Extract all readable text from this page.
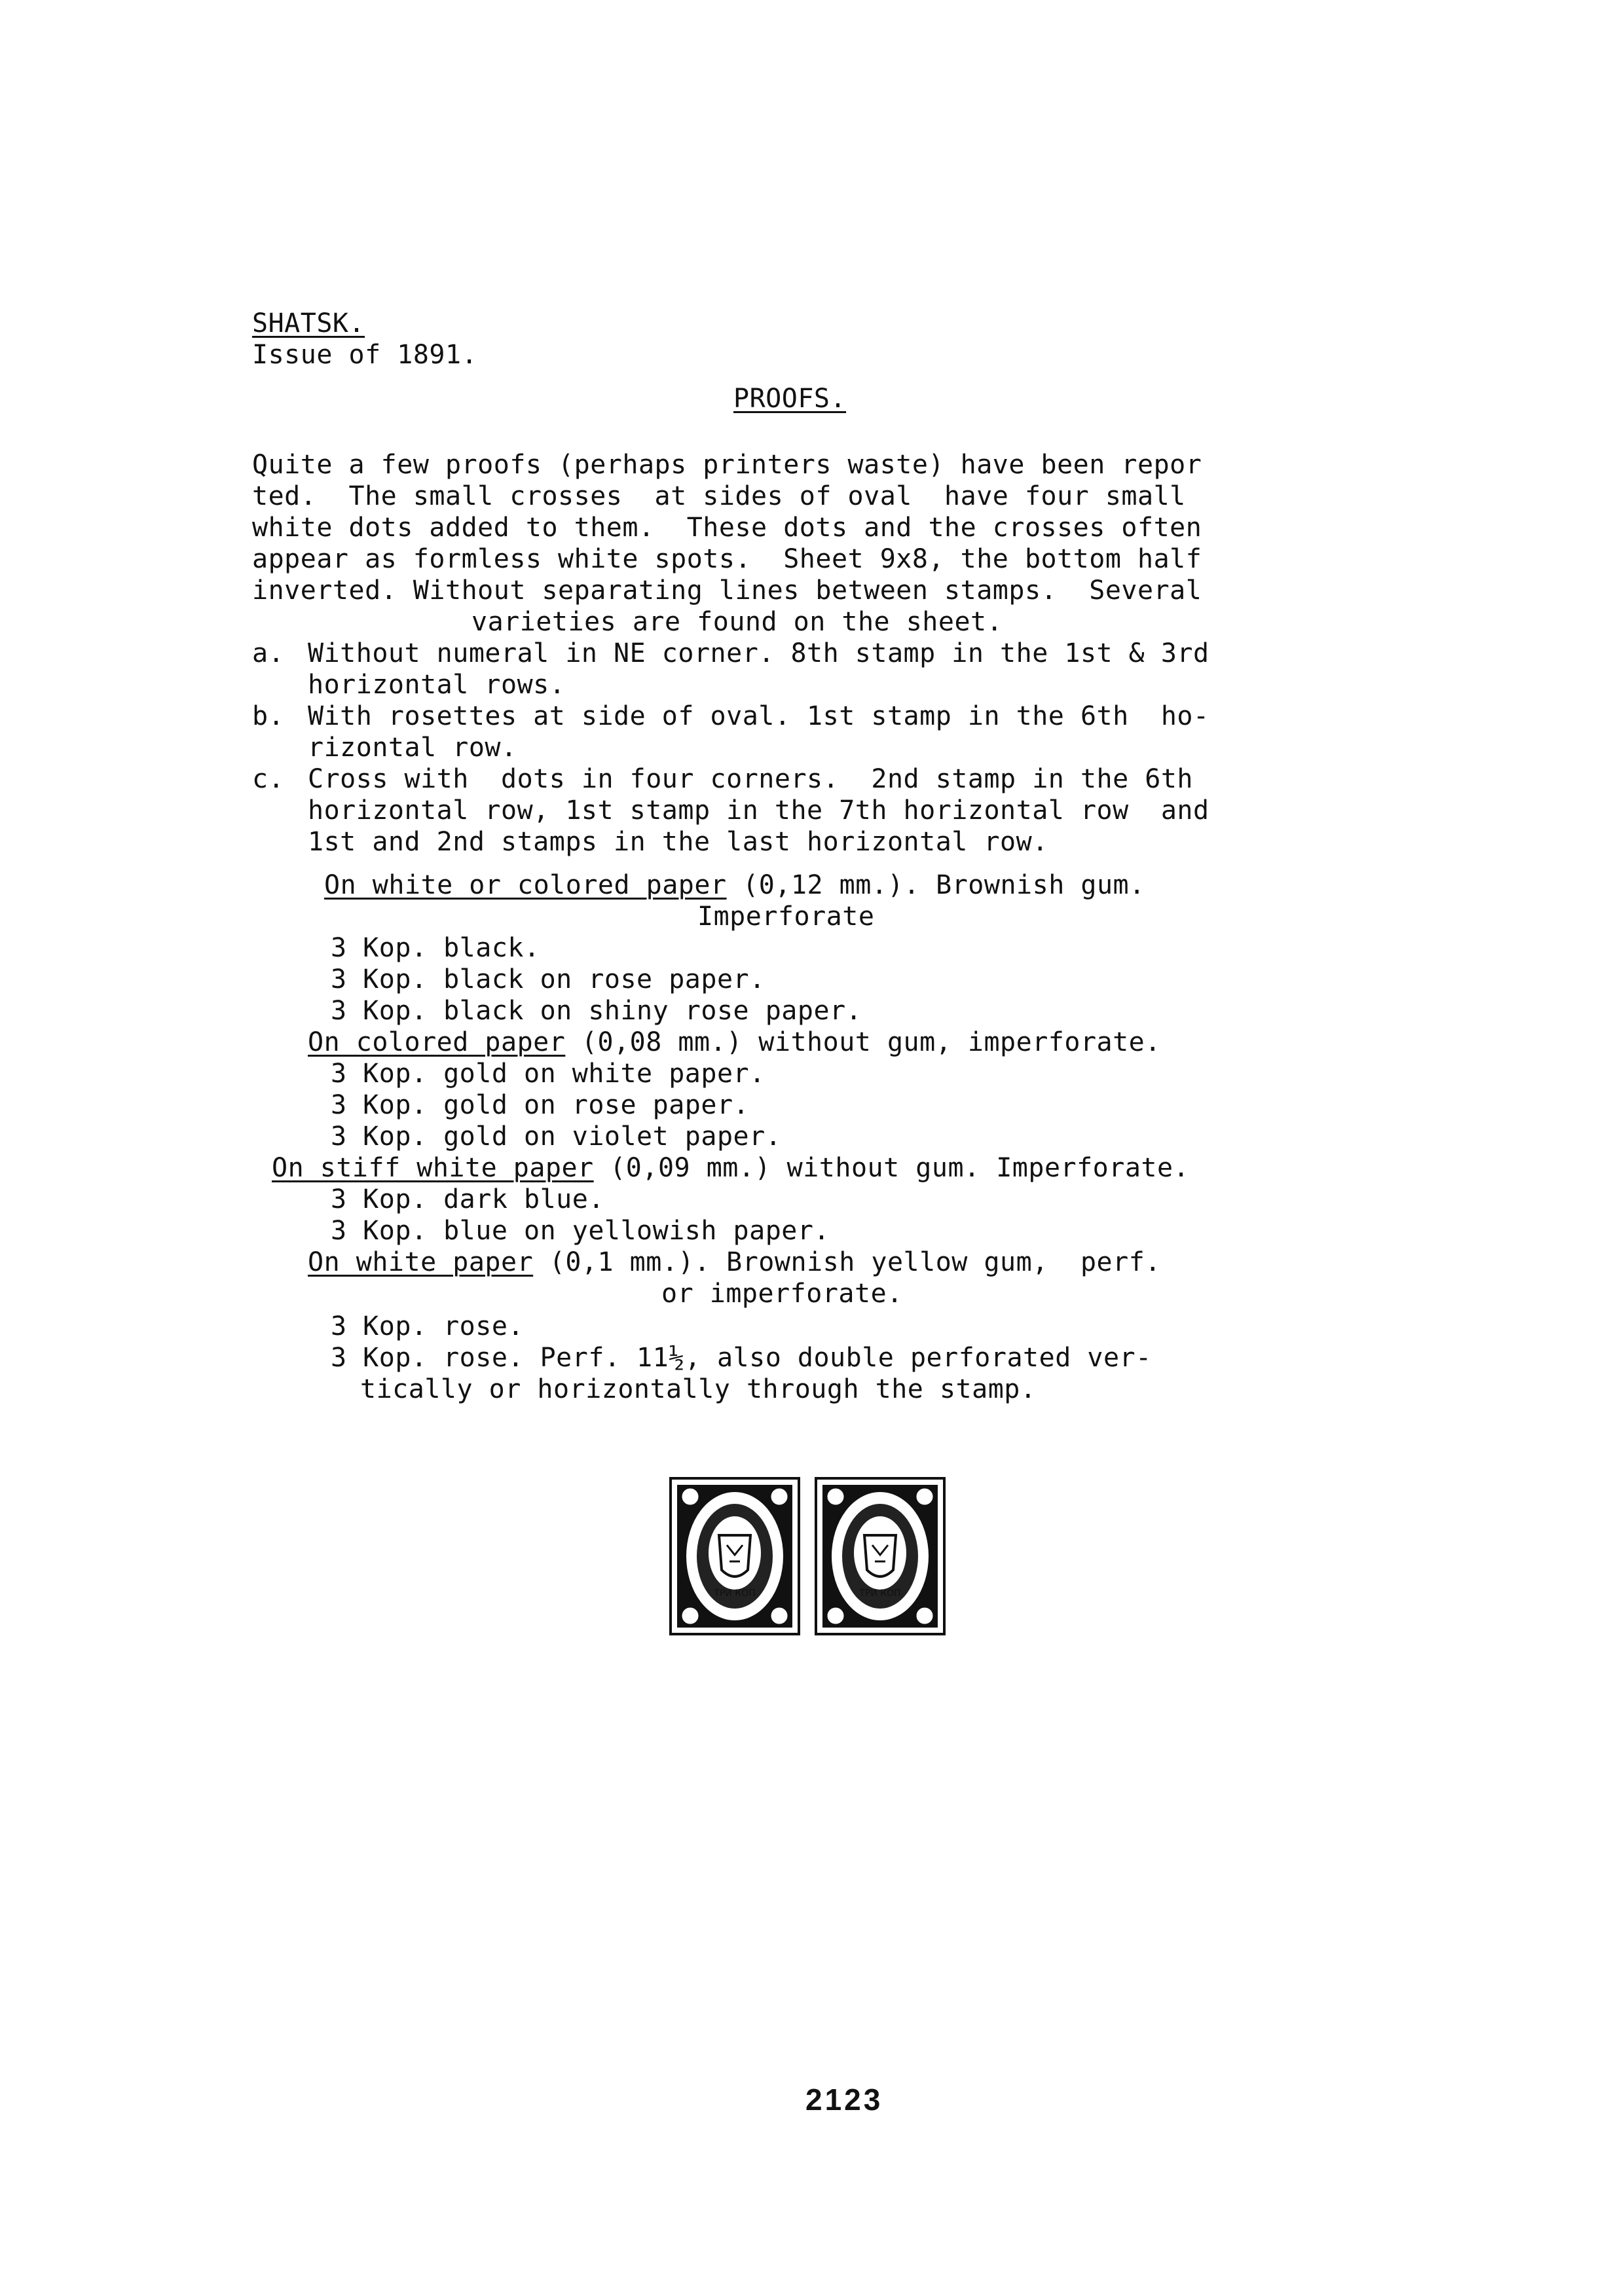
SHATSK.
Issue of 1891.
PROOFS.
Quite a few proofs (perhaps printers waste) have been repor
ted.  The small crosses  at sides of oval  have four small
white dots added to them.  These dots and the crosses often
appear as formless white spots.  Sheet 9x8, the bottom half
inverted. Without separating lines between stamps.  Several
varieties are found on the sheet.
a. Without numeral in NE corner. 8th stamp in the 1st & 3rd
horizontal rows.
b. With rosettes at side of oval. 1st stamp in the 6th  ho-
rizontal row.
c. Cross with  dots in four corners.  2nd stamp in the 6th
horizontal row, 1st stamp in the 7th horizontal row  and
1st and 2nd stamps in the last horizontal row.
On white or colored paper (0,12 mm.). Brownish gum.
Imperforate
3 Kop. black.
3 Kop. black on rose paper.
3 Kop. black on shiny rose paper.
On colored paper (0,08 mm.) without gum, imperforate.
3 Kop. gold on white paper.
3 Kop. gold on rose paper.
3 Kop. gold on violet paper.
On stiff white paper (0,09 mm.) without gum. Imperforate.
3 Kop. dark blue.
3 Kop. blue on yellowish paper.
On white paper (0,1 mm.). Brownish yellow gum,  perf.
or imperforate.
3 Kop. rose.
3 Kop. rose. Perf. 11½, also double perforated ver-
tically or horizontally through the stamp.
ТРИ КОП	ТРИ КОП
2123
